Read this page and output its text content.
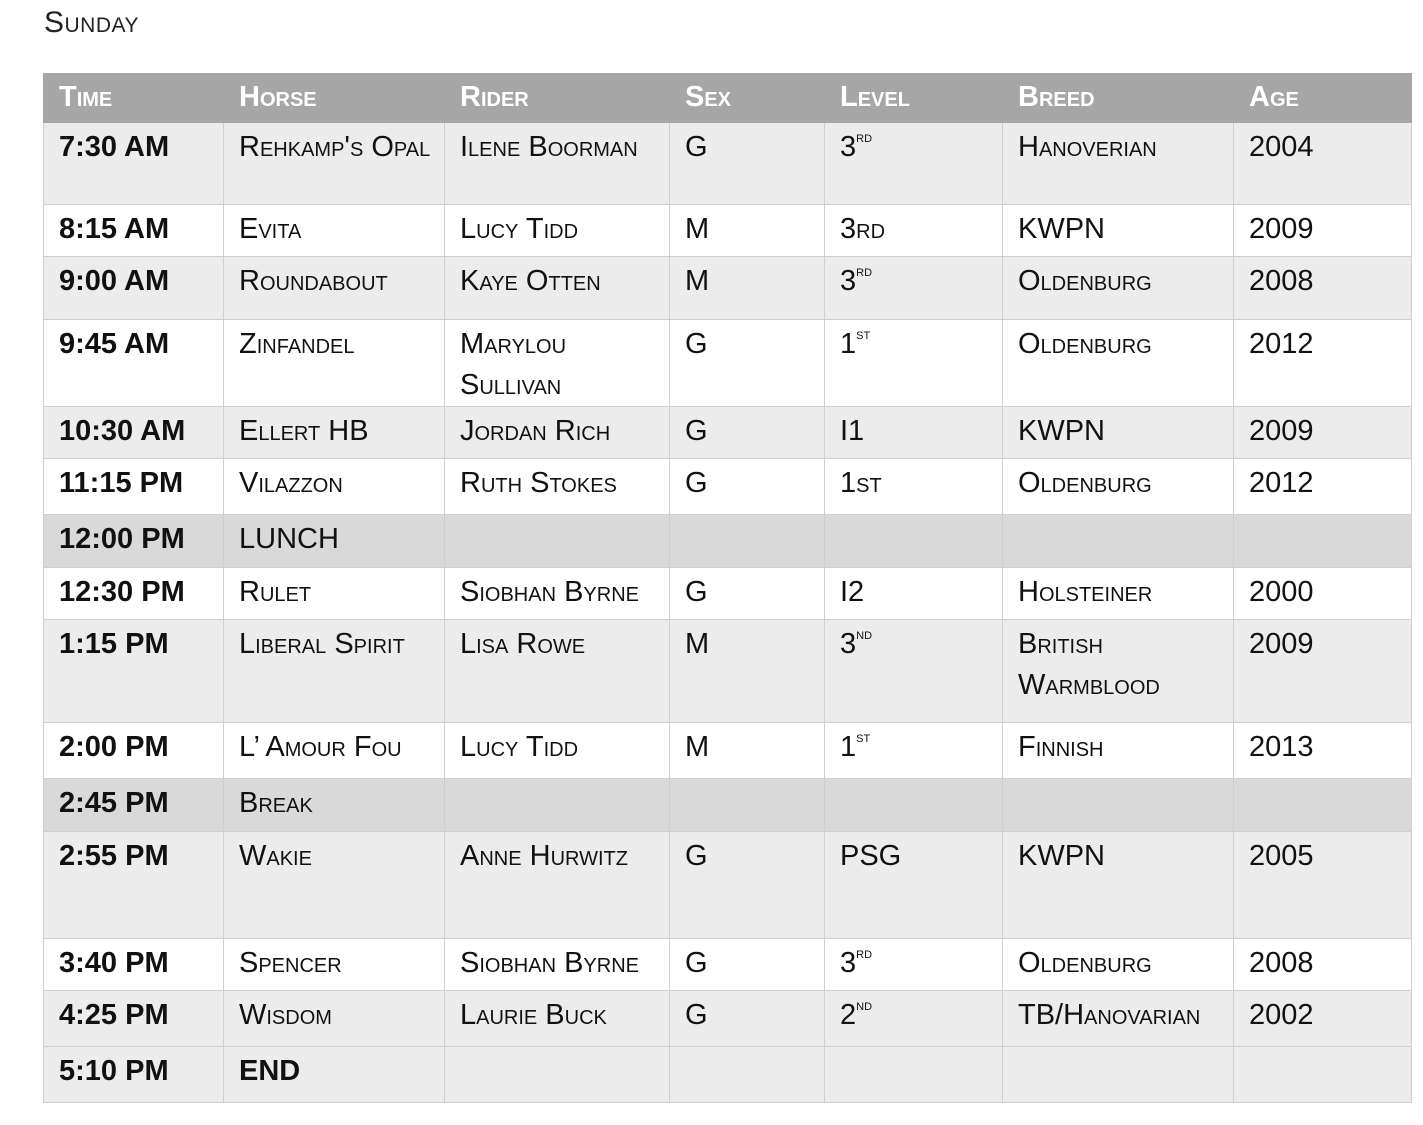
Sunday
Time	Horse	Rider	Sex	Level	Breed	Age
7:30 AM	Rehkamp's Opal	Ilene Boorman	G	3rd	Hanoverian	2004
8:15 AM	Evita	Lucy Tidd	M	3rd	KWPN	2009
9:00 AM	Roundabout	Kaye Otten	M	3rd	Oldenburg	2008
9:45 AM	Zinfandel	Marylou Sullivan	G	1st	Oldenburg	2012
10:30 AM	Ellert HB	Jordan Rich	G	I1	KWPN	2009
11:15 PM	Vilazzon	Ruth Stokes	G	1st	Oldenburg	2012
12:00 PM	LUNCH					
12:30 PM	Rulet	Siobhan Byrne	G	I2	Holsteiner	2000
1:15 PM	Liberal Spirit	Lisa Rowe	M	3nd	British Warmblood	2009
2:00 PM	L’ Amour Fou	Lucy Tidd	M	1st	Finnish	2013
2:45 PM	Break					
2:55 PM	Wakie	Anne Hurwitz	G	PSG	KWPN	2005
3:40 PM	Spencer	Siobhan Byrne	G	3rd	Oldenburg	2008
4:25 PM	Wisdom	Laurie Buck	G	2nd	TB/Hanovarian	2002
5:10 PM	END					
